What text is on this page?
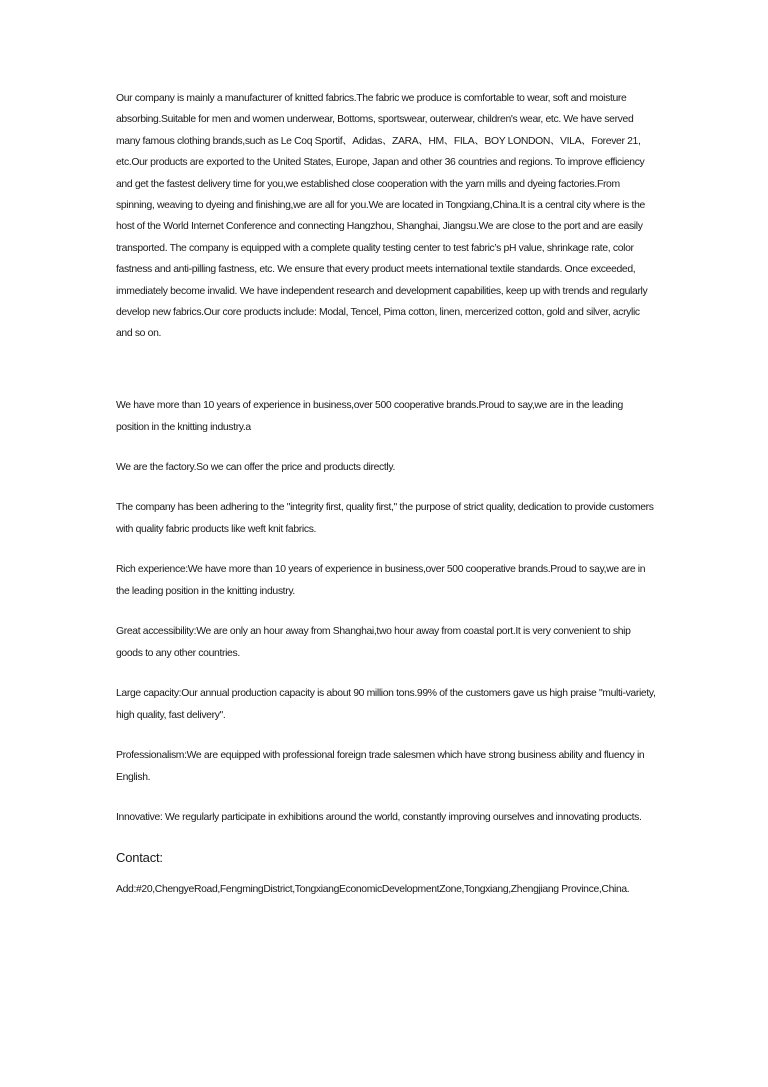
Our company is mainly a manufacturer of knitted fabrics.The fabric we produce is comfortable to wear, soft and moisture absorbing.Suitable for men and women underwear, Bottoms, sportswear, outerwear, children's wear, etc. We have served many famous clothing brands,such as Le Coq Sportif、Adidas、ZARA、HM、FILA、BOY LONDON、VILA、Forever 21, etc.Our products are exported to the United States, Europe, Japan and other 36 countries and regions. To improve efficiency and get the fastest delivery time for you,we established close cooperation with the yarn mills and dyeing factories.From spinning, weaving to dyeing and finishing,we are all for you.We are located in Tongxiang,China.It is a central city where is the host of the World Internet Conference and connecting Hangzhou, Shanghai, Jiangsu.We are close to the port and are easily transported. The company is equipped with a complete quality testing center to test fabric’s pH value, shrinkage rate, color fastness and anti-pilling fastness, etc. We ensure that every product meets international textile standards. Once exceeded, immediately become invalid. We have independent research and development capabilities, keep up with trends and regularly develop new fabrics.Our core products include: Modal, Tencel, Pima cotton, linen, mercerized cotton, gold and silver, acrylic and so on.

We have more than 10 years of experience in business,over 500 cooperative brands.Proud to say,we are in the leading position in the knitting industry.a

We are the factory.So we can offer the price and products directly.

The company has been adhering to the "integrity first, quality first," the purpose of strict quality, dedication to provide customers with quality fabric products like weft knit fabrics.

Rich experience:We have more than 10 years of experience in business,over 500 cooperative brands.Proud to say,we are in the leading position in the knitting industry.

Great accessibility:We are only an hour away from Shanghai,two hour away from coastal port.It is very convenient to ship goods to any other countries.

Large capacity:Our annual production capacity is about 90 million tons.99% of the customers gave us high praise "multi-variety, high quality, fast delivery".

Professionalism:We are equipped with professional foreign trade salesmen which have strong business ability and fluency in English.

Innovative: We regularly participate in exhibitions around the world, constantly improving ourselves and innovating products.

Contact:

Add:#20,ChengyeRoad,FengmingDistrict,TongxiangEconomicDevelopmentZone,Tongxiang,Zhengjiang Province,China.
